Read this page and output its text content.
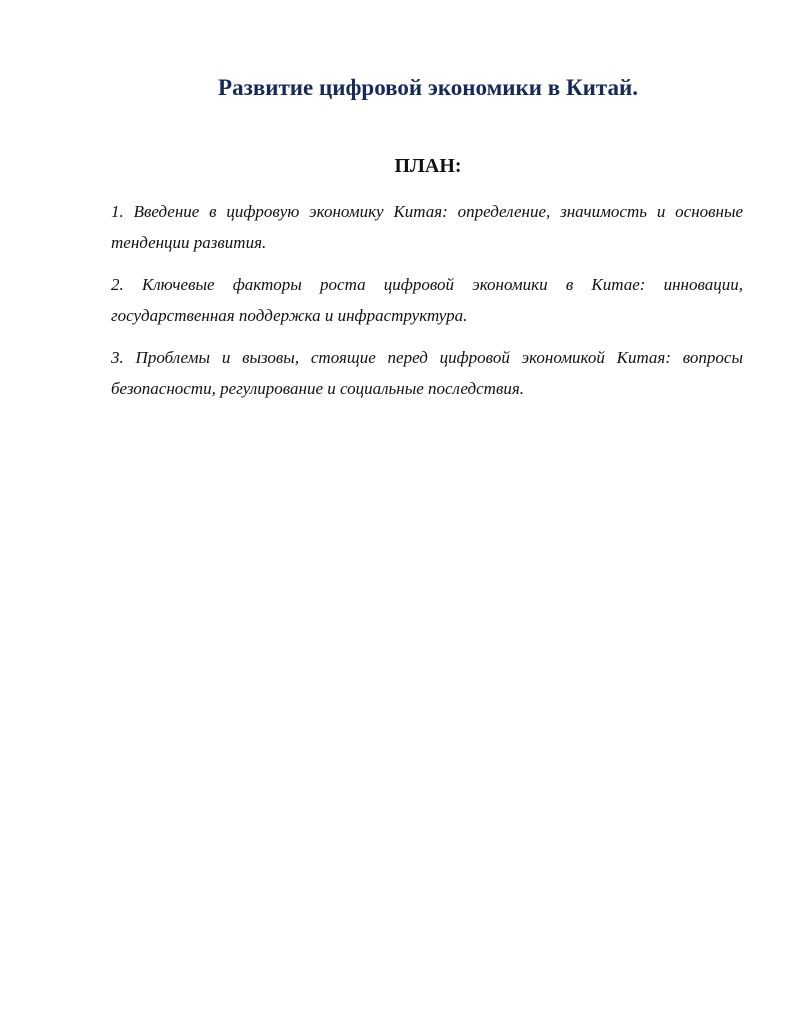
Развитие цифровой экономики в Китай.
ПЛАН:
1. Введение в цифровую экономику Китая: определение, значимость и основные тенденции развития.
2. Ключевые факторы роста цифровой экономики в Китае: инновации, государственная поддержка и инфраструктура.
3. Проблемы и вызовы, стоящие перед цифровой экономикой Китая: вопросы безопасности, регулирование и социальные последствия.
